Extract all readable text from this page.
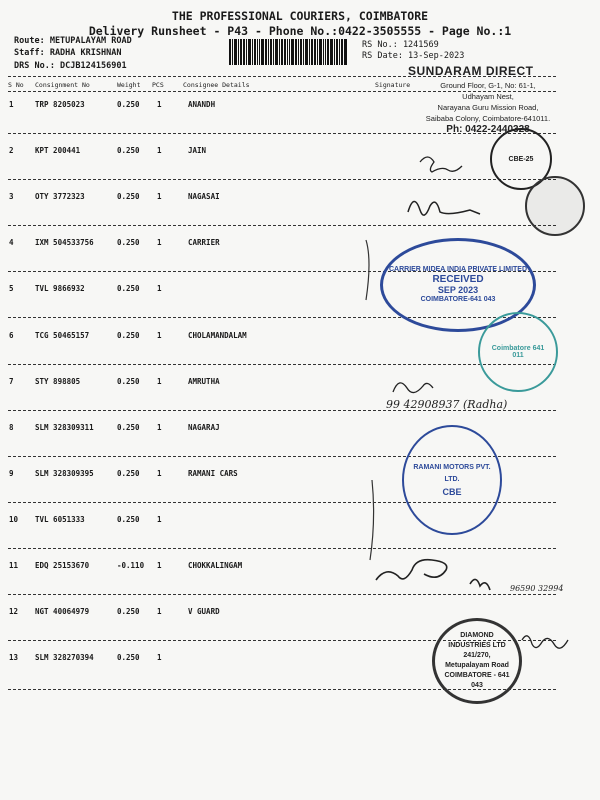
THE PROFESSIONAL COURIERS, COIMBATORE
Delivery Runsheet - P43 - Phone No.:0422-3505555 - Page No.:1
Route: METUPALAYAM ROAD
Staff: RADHA KRISHNAN
DRS No.: DCJB124156901
RS No.: 1241569
RS Date: 13-Sep-2023
SUNDARAM DIRECT
Ground Floor, G-1, No: 61-1,
Udhayam Nest,
Narayana Guru Mission Road,
Saibaba Colony, Coimbatore-641011.
Ph: 0422-2440328
S No Consignment No	Weight PCS	Consignee Details	Signature
1	TRP 8205023	0.250 1	ANANDH
2	KPT 200441	0.250 1	JAIN
3	OTY 3772323	0.250 1	NAGASAI
4	IXM 504533756	0.250 1	CARRIER
5	TVL 9866932	0.250 1
6	TCG 50465157	0.250 1	CHOLAMANDALAM
7	STY 898805	0.250 1	AMRUTHA
8	SLM 328309311	0.250 1	NAGARAJ
9	SLM 328309395	0.250 1	RAMANI CARS
10 TVL 6051333	0.250 1
11 EDQ 25153670	-0.110 1	CHOKKALINGAM
12 NGT 40064979	0.250 1	V GUARD
13 SLM 328270394	0.250 1
99 42908937 (Radha)
96590 32994
CBE-25
CARRIER MIDEA INDIA PRIVATE LIMITED
RECEIVED
SEP 2023
COIMBATORE-641 043
Coimbatore 641 011
RAMANI MOTORS PVT. LTD.
CBE
DIAMOND INDUSTRIES LTD
241/270, Metupalayam Road
COIMBATORE - 641 043
